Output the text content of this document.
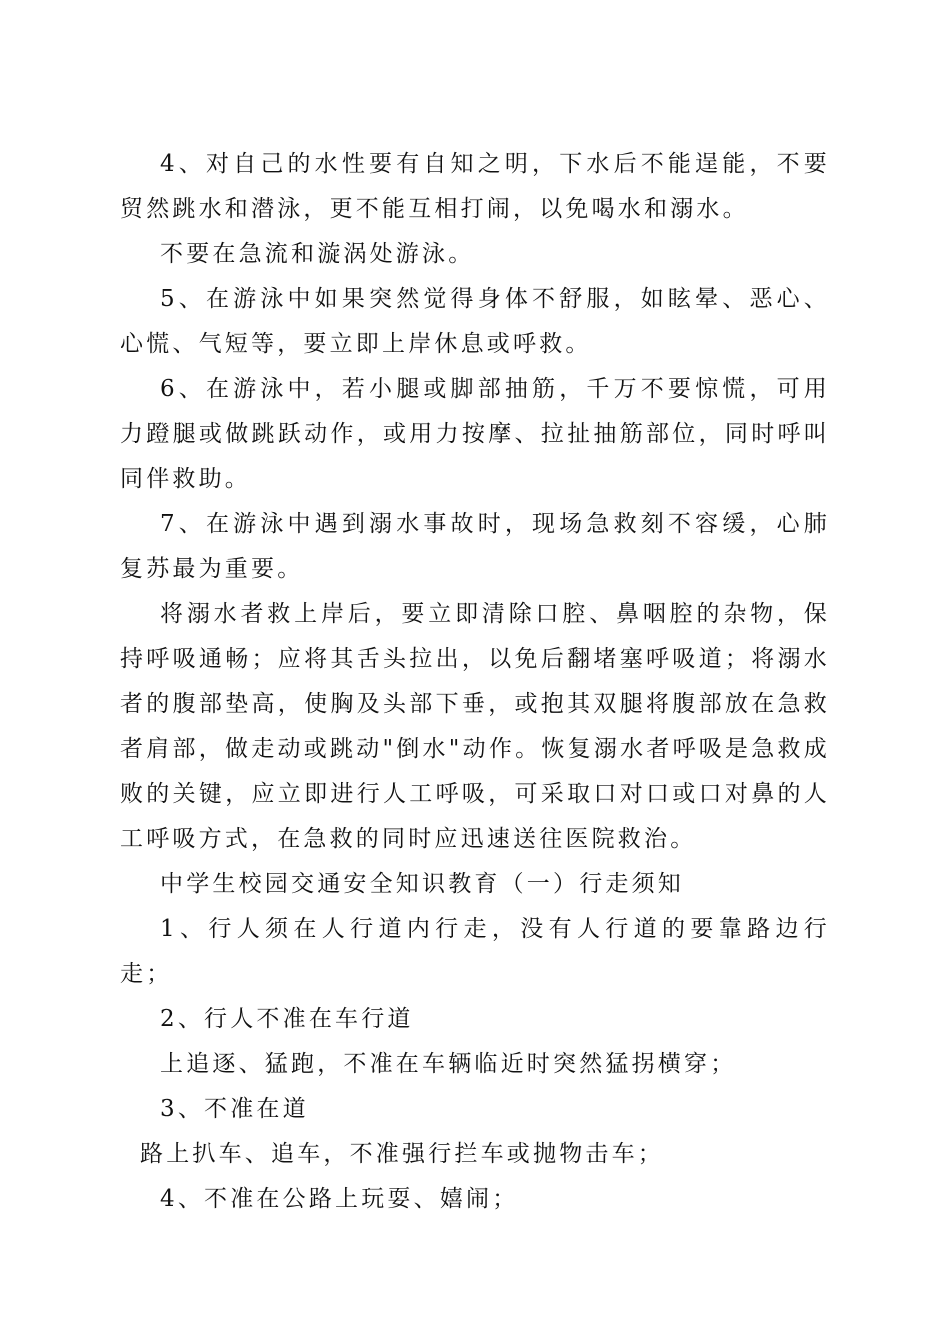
4、对自己的水性要有自知之明，下水后不能逞能，不要贸然跳水和潜泳，更不能互相打闹，以免喝水和溺水。

不要在急流和漩涡处游泳。

5、在游泳中如果突然觉得身体不舒服，如眩晕、恶心、心慌、气短等，要立即上岸休息或呼救。

6、在游泳中，若小腿或脚部抽筋，千万不要惊慌，可用力蹬腿或做跳跃动作，或用力按摩、拉扯抽筋部位，同时呼叫同伴救助。

7、在游泳中遇到溺水事故时，现场急救刻不容缓，心肺复苏最为重要。

将溺水者救上岸后，要立即清除口腔、鼻咽腔的杂物，保持呼吸通畅；应将其舌头拉出，以免后翻堵塞呼吸道；将溺水者的腹部垫高，使胸及头部下垂，或抱其双腿将腹部放在急救者肩部，做走动或跳动"倒水"动作。恢复溺水者呼吸是急救成败的关键，应立即进行人工呼吸，可采取口对口或口对鼻的人工呼吸方式，在急救的同时应迅速送往医院救治。

中学生校园交通安全知识教育（一）行走须知

1、行人须在人行道内行走，没有人行道的要靠路边行走；

2、行人不准在车行道

上追逐、猛跑，不准在车辆临近时突然猛拐横穿；

3、不准在道

路上扒车、追车，不准强行拦车或抛物击车；

4、不准在公路上玩耍、嬉闹；
